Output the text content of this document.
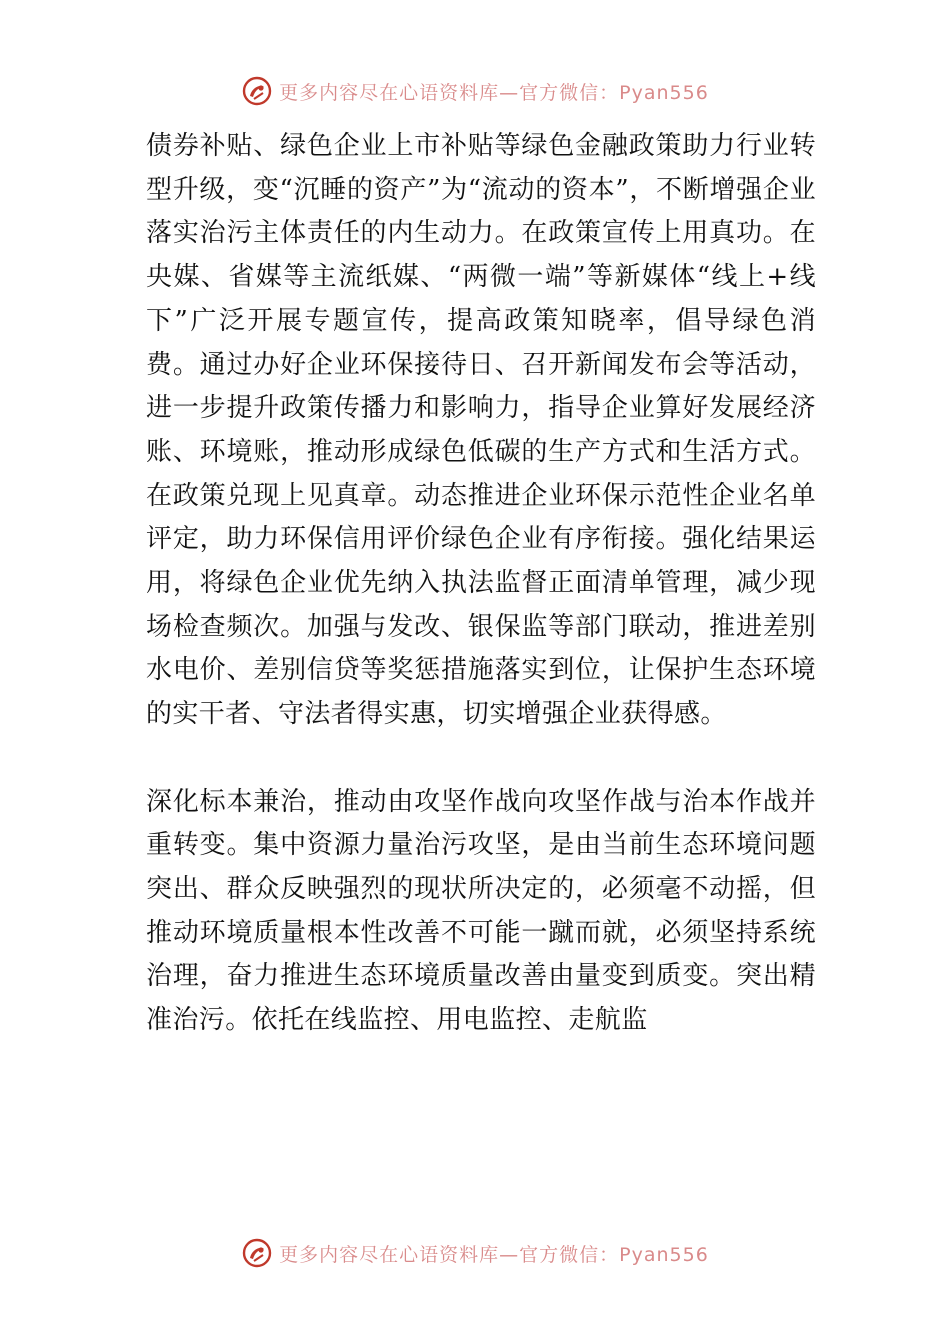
更多内容尽在心语资料库—官方微信：Pyan556

债券补贴、绿色企业上市补贴等绿色金融政策助力行业转型升级，变“沉睡的资产”为“流动的资本”，不断增强企业落实治污主体责任的内生动力。在政策宣传上用真功。在央媒、省媒等主流纸媒、“两微一端”等新媒体“线上+线下”广泛开展专题宣传，提高政策知晓率，倡导绿色消费。通过办好企业环保接待日、召开新闻发布会等活动，进一步提升政策传播力和影响力，指导企业算好发展经济账、环境账，推动形成绿色低碳的生产方式和生活方式。在政策兑现上见真章。动态推进企业环保示范性企业名单评定，助力环保信用评价绿色企业有序衔接。强化结果运用，将绿色企业优先纳入执法监督正面清单管理，减少现场检查频次。加强与发改、银保监等部门联动，推进差别水电价、差别信贷等奖惩措施落实到位，让保护生态环境的实干者、守法者得实惠，切实增强企业获得感。

深化标本兼治，推动由攻坚作战向攻坚作战与治本作战并重转变。集中资源力量治污攻坚，是由当前生态环境问题突出、群众反映强烈的现状所决定的，必须毫不动摇，但推动环境质量根本性改善不可能一蹴而就，必须坚持系统治理，奋力推进生态环境质量改善由量变到质变。突出精准治污。依托在线监控、用电监控、走航监

更多内容尽在心语资料库—官方微信：Pyan556
